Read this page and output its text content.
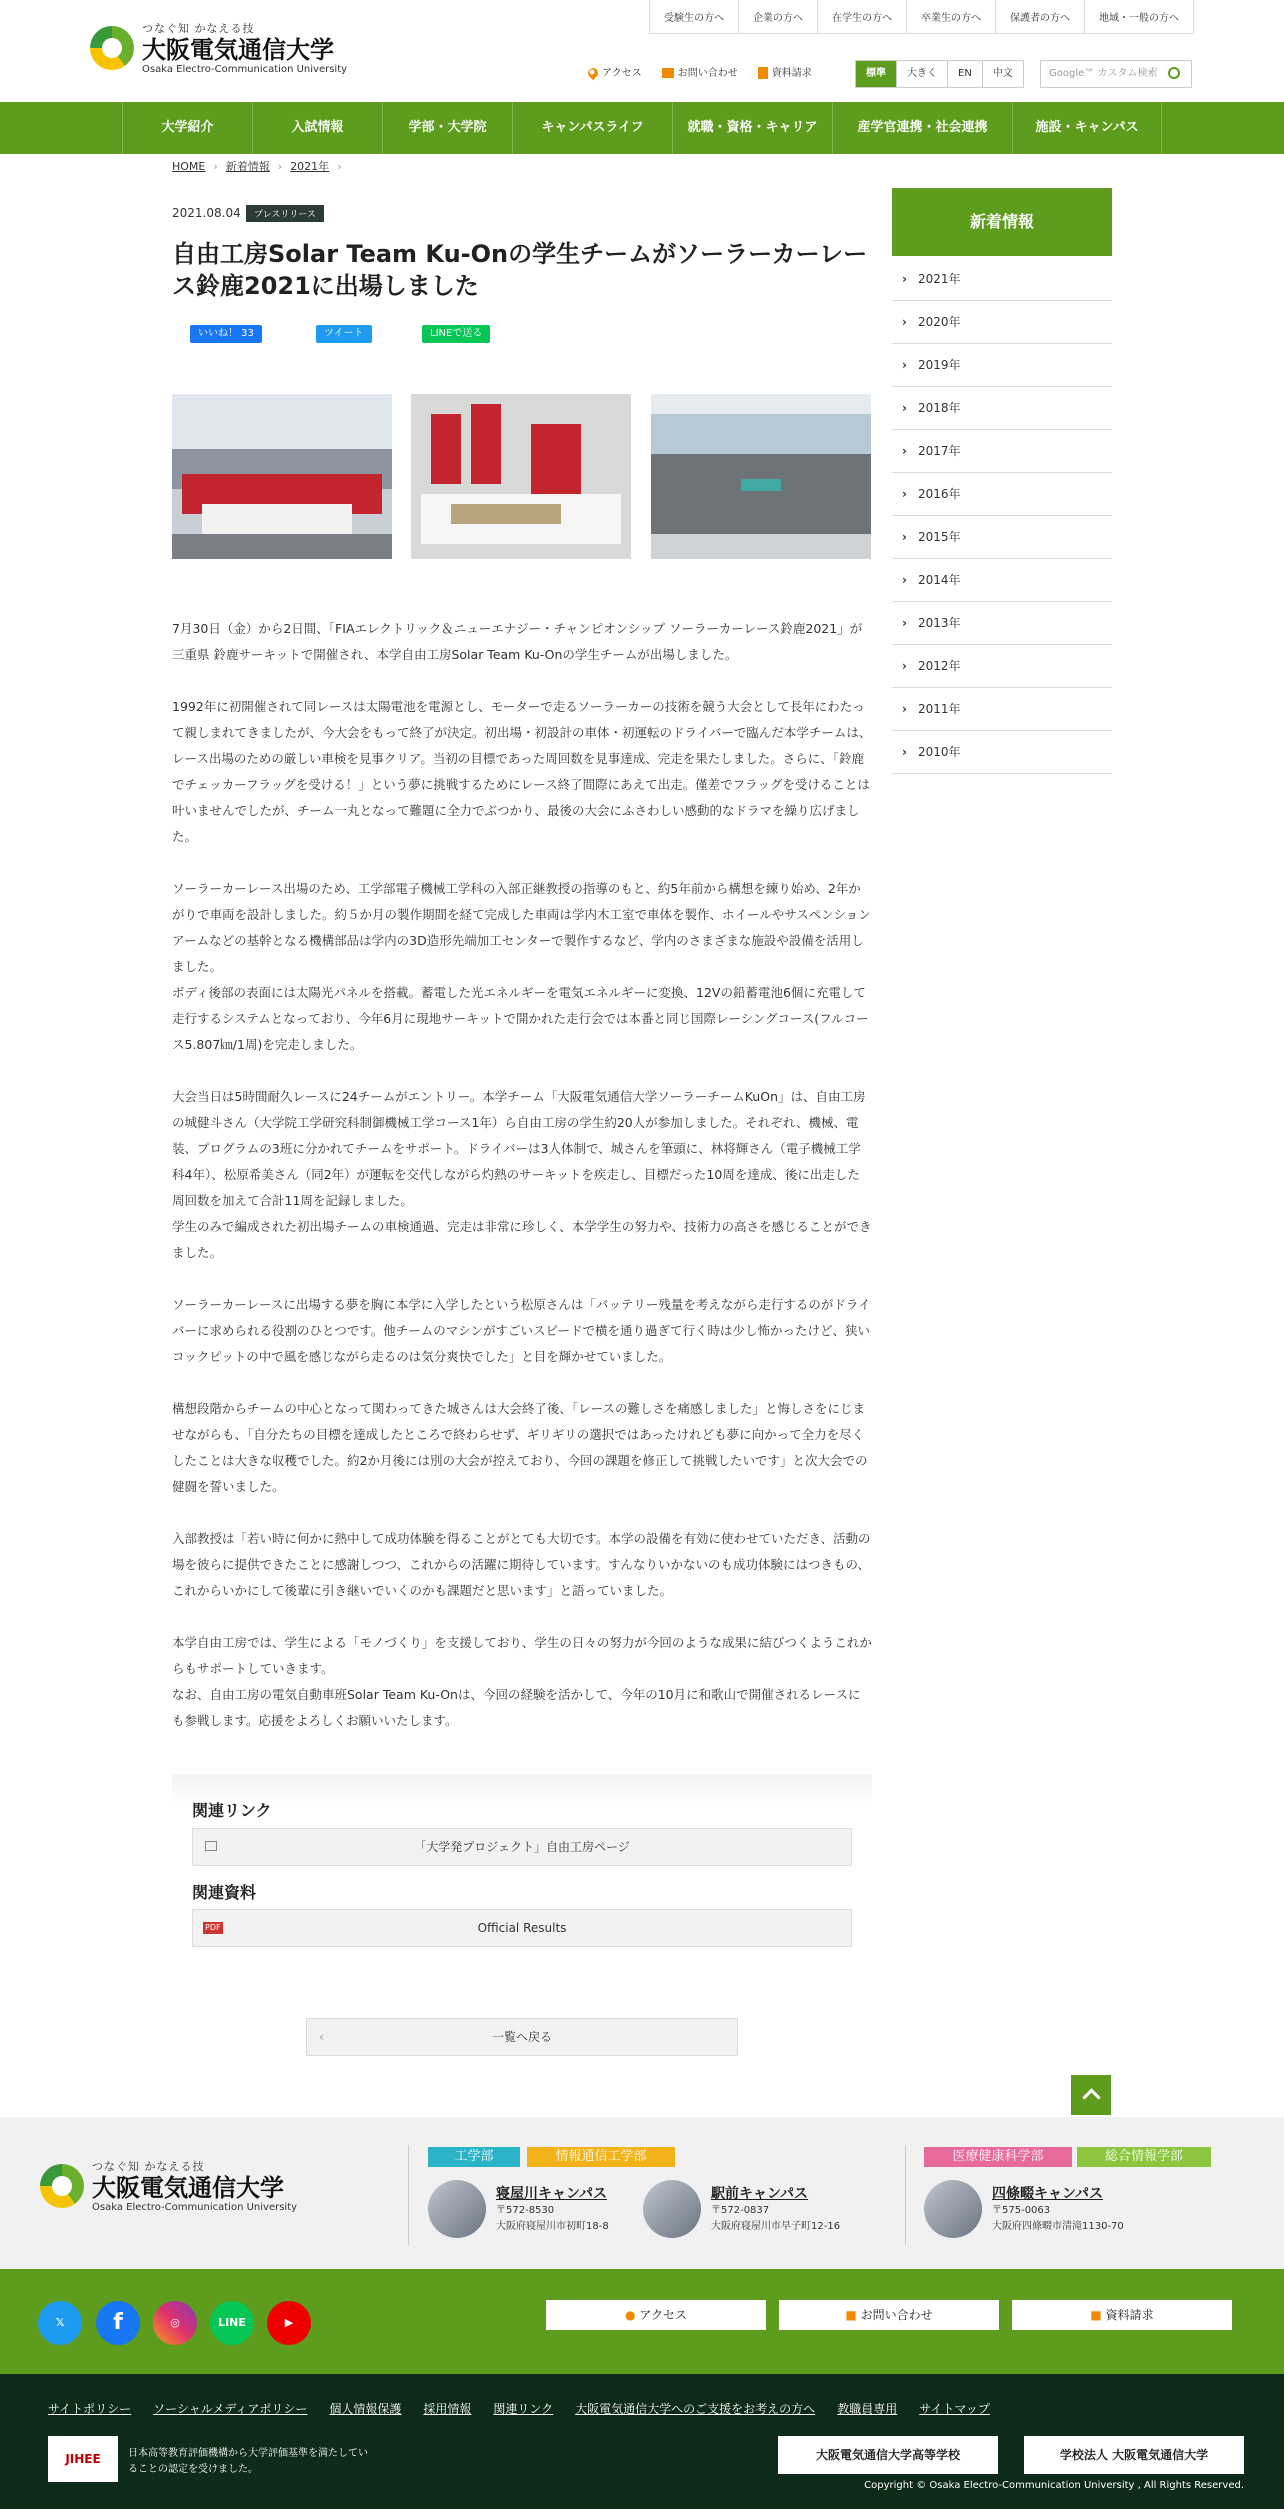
つなぐ知 かなえる技
大阪電気通信大学
Osaka Electro-Communication University
受験生の方へ	企業の方へ	在学生の方へ	卒業生の方へ	保護者の方へ	地域・一般の方へ
アクセス	お問い合わせ	資料請求	標準	大きく	EN	中文	Google™ カスタム検索
大学紹介	入試情報	学部・大学院	キャンパスライフ	就職・資格・キャリア	産学官連携・社会連携	施設・キャンパス
HOME › 新着情報 › 2021年 ›
2021.08.04	プレスリリース
自由工房Solar Team Ku-Onの学生チームがソーラーカーレース鈴鹿2021に出場しました
いいね！ 33	ツイート	LINEで送る

7月30日（金）から2日間、「FIAエレクトリック＆ニューエナジー・チャンピオンシップ ソーラーカーレース鈴鹿2021」が三重県 鈴鹿サーキットで開催され、本学自由工房Solar Team Ku-Onの学生チームが出場しました。

1992年に初開催されて同レースは太陽電池を電源とし、モーターで走るソーラーカーの技術を競う大会として長年にわたって親しまれてきましたが、今大会をもって終了が決定。初出場・初設計の車体・初運転のドライバーで臨んだ本学チームは、レース出場のための厳しい車検を見事クリア。当初の目標であった周回数を見事達成、完走を果たしました。さらに、「鈴鹿でチェッカーフラッグを受ける！」という夢に挑戦するためにレース終了間際にあえて出走。僅差でフラッグを受けることは叶いませんでしたが、チーム一丸となって難題に全力でぶつかり、最後の大会にふさわしい感動的なドラマを繰り広げました。

ソーラーカーレース出場のため、工学部電子機械工学科の入部正継教授の指導のもと、約5年前から構想を練り始め、2年かがりで車両を設計しました。約５か月の製作期間を経て完成した車両は学内木工室で車体を製作、ホイールやサスペンションアームなどの基幹となる機構部品は学内の3D造形先端加工センターで製作するなど、学内のさまざまな施設や設備を活用しました。
ボディ後部の表面には太陽光パネルを搭載。蓄電した光エネルギーを電気エネルギーに変換、12Vの鉛蓄電池6個に充電して走行するシステムとなっており、今年6月に現地サーキットで開かれた走行会では本番と同じ国際レーシングコース(フルコース5.807㎞/1周)を完走しました。

大会当日は5時間耐久レースに24チームがエントリー。本学チーム「大阪電気通信大学ソーラーチームKuOn」は、自由工房の城健斗さん（大学院工学研究科制御機械工学コース1年）ら自由工房の学生約20人が参加しました。それぞれ、機械、電装、プログラムの3班に分かれてチームをサポート。ドライバーは3人体制で、城さんを筆頭に、林将輝さん（電子機械工学科4年）、松原希美さん（同2年）が運転を交代しながら灼熱のサーキットを疾走し、目標だった10周を達成、後に出走した周回数を加えて合計11周を記録しました。
学生のみで編成された初出場チームの車検通過、完走は非常に珍しく、本学学生の努力や、技術力の高さを感じることができました。

ソーラーカーレースに出場する夢を胸に本学に入学したという松原さんは「バッテリー残量を考えながら走行するのがドライバーに求められる役割のひとつです。他チームのマシンがすごいスピードで横を通り過ぎて行く時は少し怖かったけど、狭いコックピットの中で風を感じながら走るのは気分爽快でした」と目を輝かせていました。

構想段階からチームの中心となって関わってきた城さんは大会終了後、「レースの難しさを痛感しました」と悔しさをにじませながらも、「自分たちの目標を達成したところで終わらせず、ギリギリの選択ではあったけれども夢に向かって全力を尽くしたことは大きな収穫でした。約2か月後には別の大会が控えており、今回の課題を修正して挑戦したいです」と次大会での健闘を誓いました。

入部教授は「若い時に何かに熱中して成功体験を得ることがとても大切です。本学の設備を有効に使わせていただき、活動の場を彼らに提供できたことに感謝しつつ、これからの活躍に期待しています。すんなりいかないのも成功体験にはつきもの、これからいかにして後輩に引き継いでいくのかも課題だと思います」と語っていました。

本学自由工房では、学生による「モノづくり」を支援しており、学生の日々の努力が今回のような成果に結びつくようこれからもサポートしていきます。
なお、自由工房の電気自動車班Solar Team Ku-Onは、今回の経験を活かして、今年の10月に和歌山で開催されるレースにも参戦します。応援をよろしくお願いいたします。

関連リンク
「大学発プロジェクト」自由工房ページ
関連資料
PDF	Official Results
‹	一覧へ戻る
新着情報
› 2021年
› 2020年
› 2019年
› 2018年
› 2017年
› 2016年
› 2015年
› 2014年
› 2013年
› 2012年
› 2011年
› 2010年
つなぐ知 かなえる技
大阪電気通信大学
Osaka Electro-Communication University
工学部	情報通信工学部	医療健康科学部	総合情報学部
寝屋川キャンパス
〒572-8530
大阪府寝屋川市初町18-8
駅前キャンパス
〒572-0837
大阪府寝屋川市早子町12-16
四條畷キャンパス
〒575-0063
大阪府四條畷市清滝1130-70
𝕏	f	◎	LINE	▶
● アクセス	■ お問い合わせ	■ 資料請求
サイトポリシー ソーシャルメディアポリシー 個人情報保護 採用情報 関連リンク 大阪電気通信大学へのご支援をお考えの方へ 教職員専用 サイトマップ
JIHEE	日本高等教育評価機構から大学評価基準を満たしていることの認定を受けました。
大阪電気通信大学高等学校	学校法人 大阪電気通信大学
Copyright © Osaka Electro-Communication University , All Rights Reserved.
